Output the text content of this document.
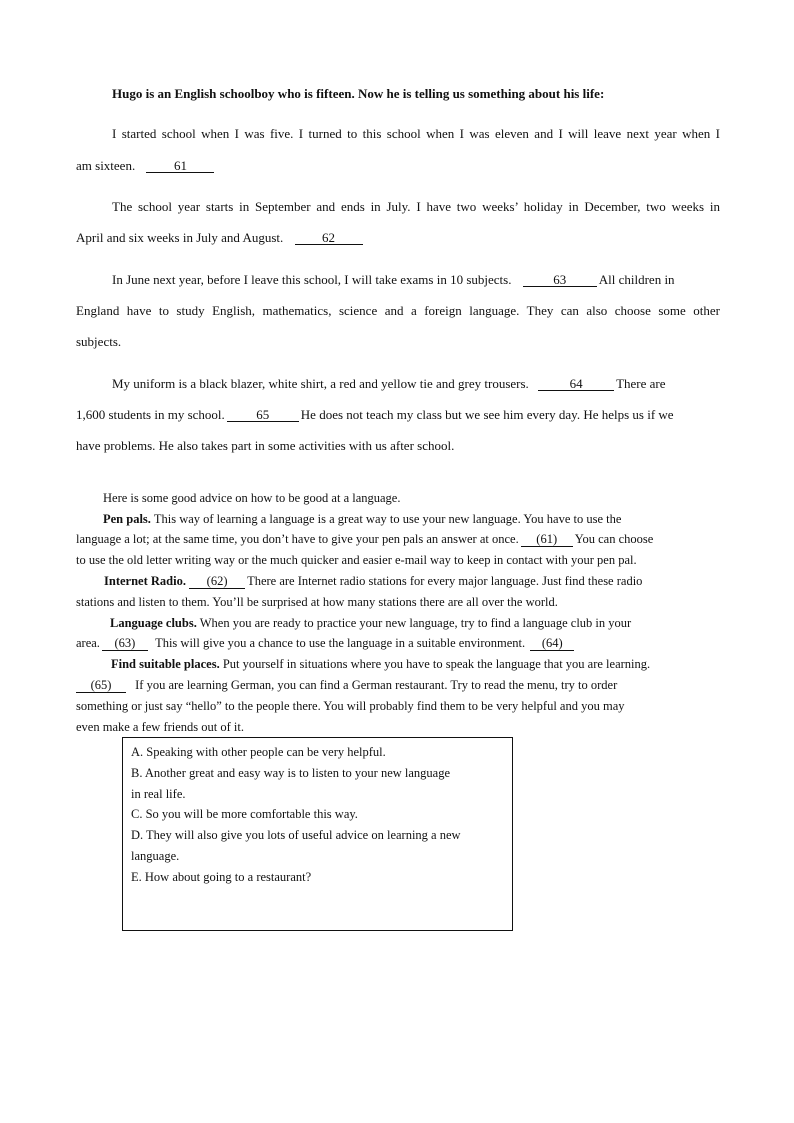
Hugo is an English schoolboy who is fifteen. Now he is telling us something about his life:
I started school when I was five. I turned to this school when I was eleven and I will leave next year when I
am sixteen.	61
The school year starts in September and ends in July. I have two weeks’ holiday in December, two weeks in
April and six weeks in July and August.	62
In June next year, before I leave this school, I will take exams in 10 subjects.	63	All children in
England have to study English, mathematics, science and a foreign language. They can also choose some other
subjects.
My uniform is a black blazer, white shirt, a red and yellow tie and grey trousers.	64	There are
1,600 students in my school. 65 He does not teach my class but we see him every day. He helps us if we
have problems. He also takes part in some activities with us after school.
Here is some good advice on how to be good at a language.
Pen pals. This way of learning a language is a great way to use your new language. You have to use the
language a lot; at the same time, you don’t have to give your pen pals an answer at once. (61) You can choose
to use the old letter writing way or the much quicker and easier e-mail way to keep in contact with your pen pal.
Internet Radio. (62) There are Internet radio stations for every major language. Just find these radio
stations and listen to them. You’ll be surprised at how many stations there are all over the world.
Language clubs. When you are ready to practice your new language, try to find a language club in your
area. (63) This will give you a chance to use the language in a suitable environment. (64)
Find suitable places. Put yourself in situations where you have to speak the language that you are learning.
(65) If you are learning German, you can find a German restaurant. Try to read the menu, try to order
something or just say “hello” to the people there. You will probably find them to be very helpful and you may
even make a few friends out of it.
A. Speaking with other people can be very helpful.
B. Another great and easy way is to listen to your new language
in real life.
C. So you will be more comfortable this way.
D. They will also give you lots of useful advice on learning a new
language.
E. How about going to a restaurant?
